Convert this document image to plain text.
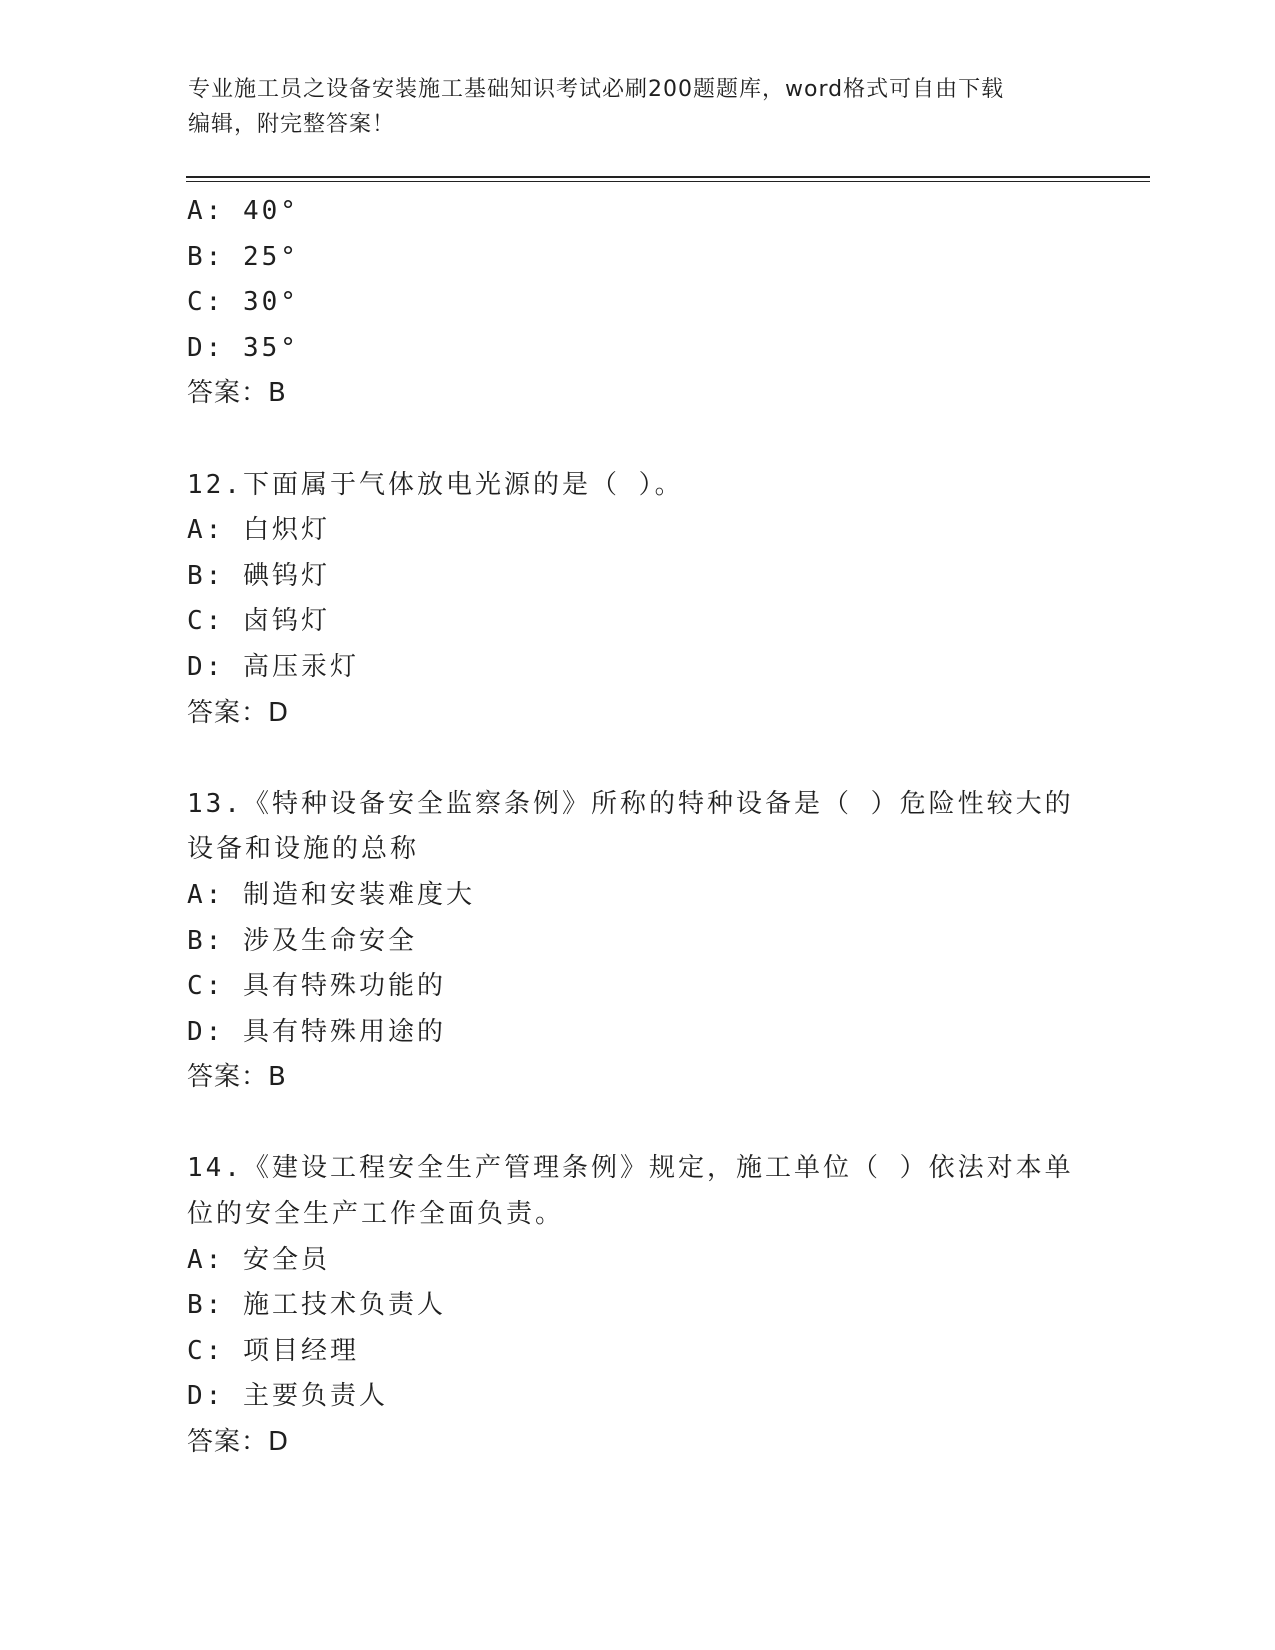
专业施工员之设备安装施工基础知识考试必刷200题题库，word格式可自由下载
编辑，附完整答案！
A: 40°
B: 25°
C: 30°
D: 35°
答案：B
12.下面属于气体放电光源的是（ ）。
A: 白炽灯
B: 碘钨灯
C: 卤钨灯
D: 高压汞灯
答案：D
13.《特种设备安全监察条例》所称的特种设备是（ ）危险性较大的
设备和设施的总称
A: 制造和安装难度大
B: 涉及生命安全
C: 具有特殊功能的
D: 具有特殊用途的
答案：B
14.《建设工程安全生产管理条例》规定，施工单位（ ）依法对本单
位的安全生产工作全面负责。
A: 安全员
B: 施工技术负责人
C: 项目经理
D: 主要负责人
答案：D
